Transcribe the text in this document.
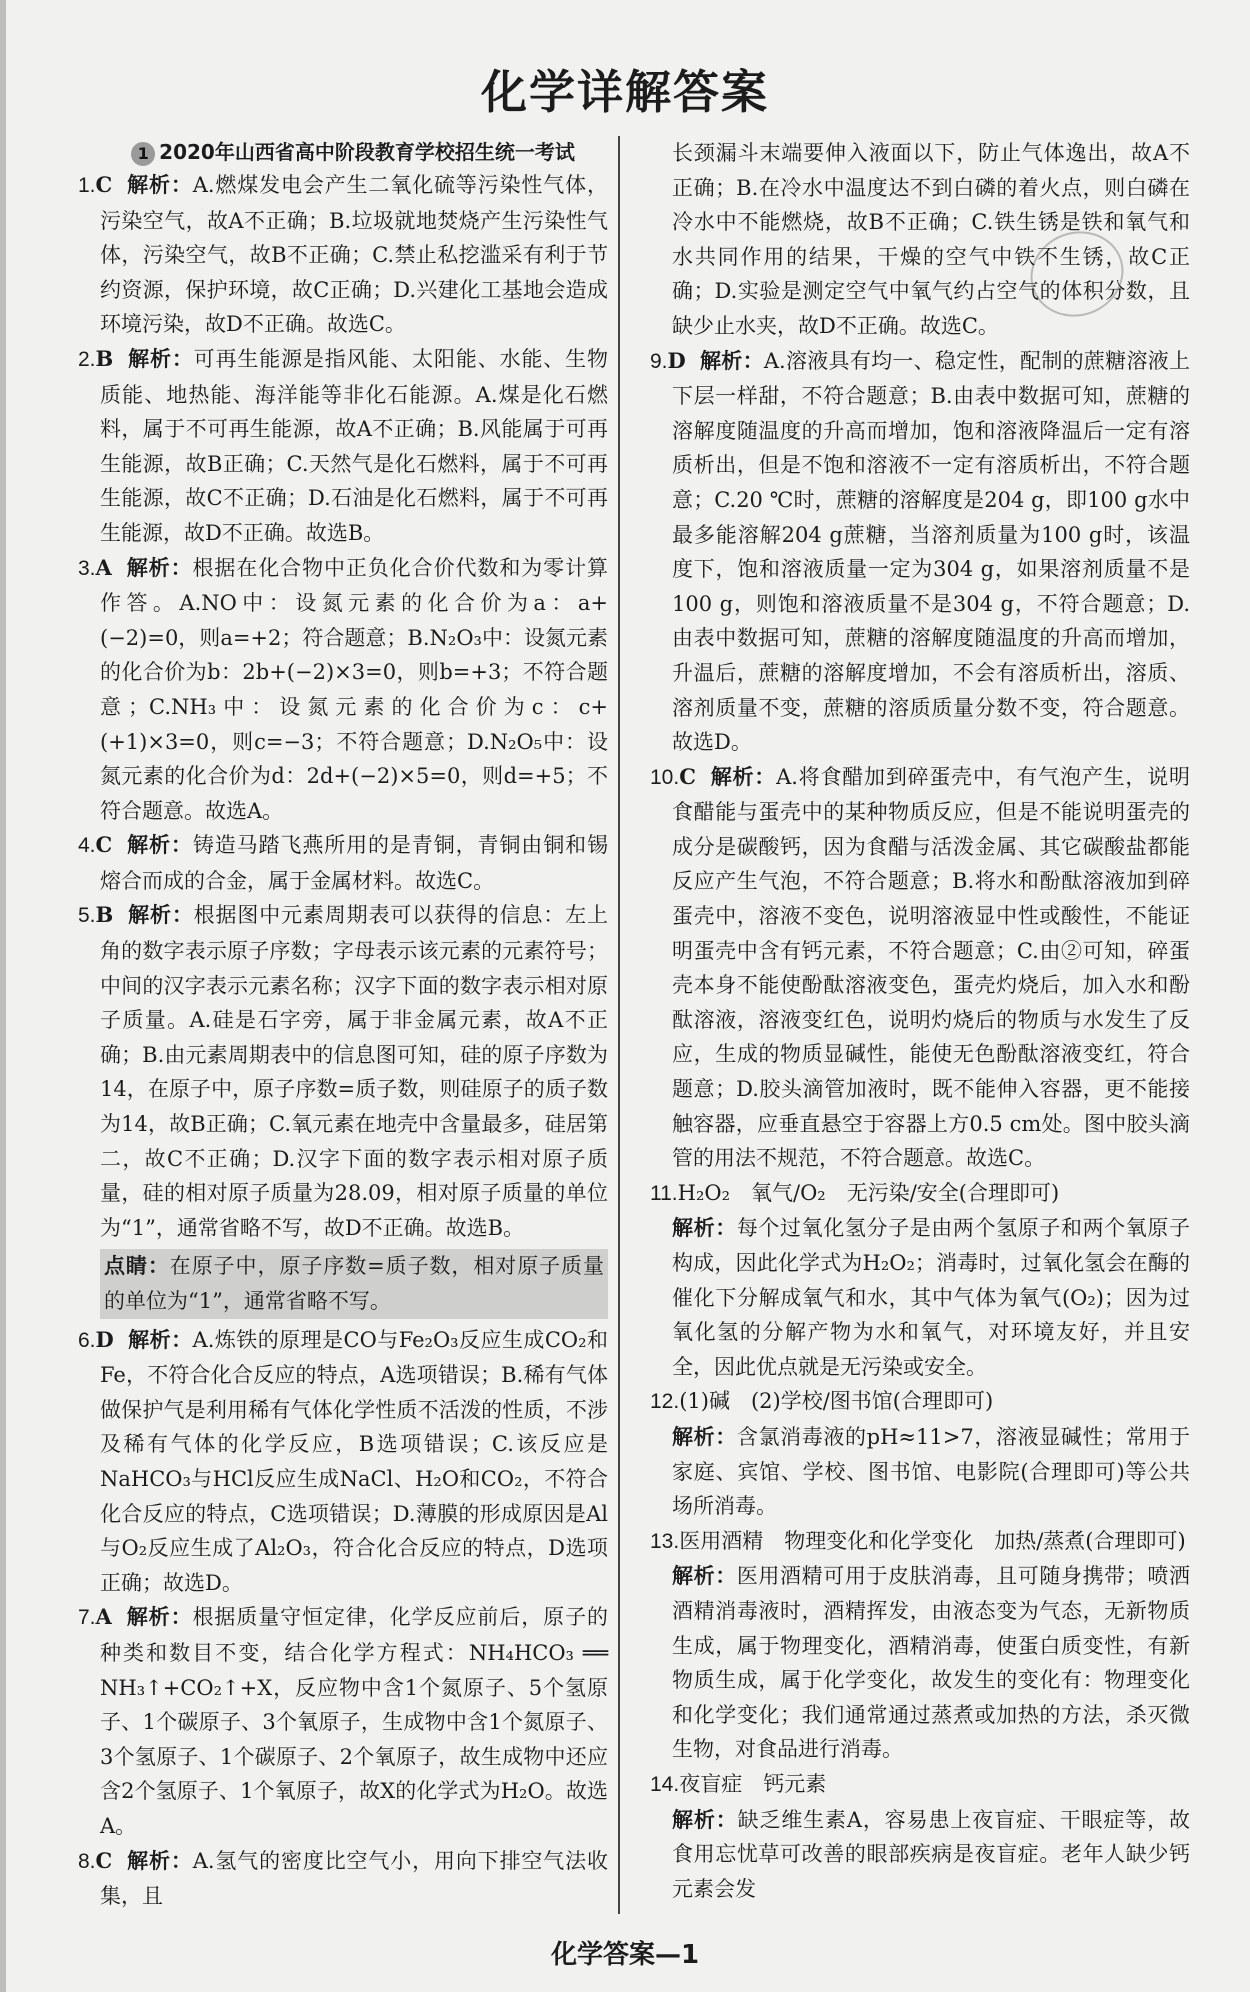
化学详解答案
1 2020年山西省高中阶段教育学校招生统一考试

1.C 解析：A.燃煤发电会产生二氧化硫等污染性气体，污染空气，故A不正确；B.垃圾就地焚烧产生污染性气体，污染空气，故B不正确；C.禁止私挖滥采有利于节约资源，保护环境，故C正确；D.兴建化工基地会造成环境污染，故D不正确。故选C。

2.B 解析：可再生能源是指风能、太阳能、水能、生物质能、地热能、海洋能等非化石能源。A.煤是化石燃料，属于不可再生能源，故A不正确；B.风能属于可再生能源，故B正确；C.天然气是化石燃料，属于不可再生能源，故C不正确；D.石油是化石燃料，属于不可再生能源，故D不正确。故选B。

3.A 解析：根据在化合物中正负化合价代数和为零计算作答。A.NO中：设氮元素的化合价为a：a+(−2)=0，则a=+2；符合题意；B.N₂O₃中：设氮元素的化合价为b：2b+(−2)×3=0，则b=+3；不符合题意；C.NH₃中：设氮元素的化合价为c：c+(+1)×3=0，则c=−3；不符合题意；D.N₂O₅中：设氮元素的化合价为d：2d+(−2)×5=0，则d=+5；不符合题意。故选A。

4.C 解析：铸造马踏飞燕所用的是青铜，青铜由铜和锡熔合而成的合金，属于金属材料。故选C。

5.B 解析：根据图中元素周期表可以获得的信息：左上角的数字表示原子序数；字母表示该元素的元素符号；中间的汉字表示元素名称；汉字下面的数字表示相对原子质量。A.硅是石字旁，属于非金属元素，故A不正确；B.由元素周期表中的信息图可知，硅的原子序数为14，在原子中，原子序数=质子数，则硅原子的质子数为14，故B正确；C.氧元素在地壳中含量最多，硅居第二，故C不正确；D.汉字下面的数字表示相对原子质量，硅的相对原子质量为28.09，相对原子质量的单位为“1”，通常省略不写，故D不正确。故选B。

点睛：在原子中，原子序数=质子数，相对原子质量的单位为“1”，通常省略不写。

6.D 解析：A.炼铁的原理是CO与Fe₂O₃反应生成CO₂和Fe，不符合化合反应的特点，A选项错误；B.稀有气体做保护气是利用稀有气体化学性质不活泼的性质，不涉及稀有气体的化学反应，B选项错误；C.该反应是NaHCO₃与HCl反应生成NaCl、H₂O和CO₂，不符合化合反应的特点，C选项错误；D.薄膜的形成原因是Al与O₂反应生成了Al₂O₃，符合化合反应的特点，D选项正确；故选D。

7.A 解析：根据质量守恒定律，化学反应前后，原子的种类和数目不变，结合化学方程式：NH₄HCO₃ ══ NH₃↑+CO₂↑+X，反应物中含1个氮原子、5个氢原子、1个碳原子、3个氧原子，生成物中含1个氮原子、3个氢原子、1个碳原子、2个氧原子，故生成物中还应含2个氢原子、1个氧原子，故X的化学式为H₂O。故选A。

8.C 解析：A.氢气的密度比空气小，用向下排空气法收集，且

长颈漏斗末端要伸入液面以下，防止气体逸出，故A不正确；B.在冷水中温度达不到白磷的着火点，则白磷在冷水中不能燃烧，故B不正确；C.铁生锈是铁和氧气和水共同作用的结果，干燥的空气中铁不生锈，故C正确；D.实验是测定空气中氧气约占空气的体积分数，且缺少止水夹，故D不正确。故选C。

9.D 解析：A.溶液具有均一、稳定性，配制的蔗糖溶液上下层一样甜，不符合题意；B.由表中数据可知，蔗糖的溶解度随温度的升高而增加，饱和溶液降温后一定有溶质析出，但是不饱和溶液不一定有溶质析出，不符合题意；C.20 ℃时，蔗糖的溶解度是204 g，即100 g水中最多能溶解204 g蔗糖，当溶剂质量为100 g时，该温度下，饱和溶液质量一定为304 g，如果溶剂质量不是100 g，则饱和溶液质量不是304 g，不符合题意；D.由表中数据可知，蔗糖的溶解度随温度的升高而增加，升温后，蔗糖的溶解度增加，不会有溶质析出，溶质、溶剂质量不变，蔗糖的溶质质量分数不变，符合题意。故选D。

10.C 解析：A.将食醋加到碎蛋壳中，有气泡产生，说明食醋能与蛋壳中的某种物质反应，但是不能说明蛋壳的成分是碳酸钙，因为食醋与活泼金属、其它碳酸盐都能反应产生气泡，不符合题意；B.将水和酚酞溶液加到碎蛋壳中，溶液不变色，说明溶液显中性或酸性，不能证明蛋壳中含有钙元素，不符合题意；C.由②可知，碎蛋壳本身不能使酚酞溶液变色，蛋壳灼烧后，加入水和酚酞溶液，溶液变红色，说明灼烧后的物质与水发生了反应，生成的物质显碱性，能使无色酚酞溶液变红，符合题意；D.胶头滴管加液时，既不能伸入容器，更不能接触容器，应垂直悬空于容器上方0.5 cm处。图中胶头滴管的用法不规范，不符合题意。故选C。

11.H₂O₂　氧气/O₂　无污染/安全(合理即可)

解析：每个过氧化氢分子是由两个氢原子和两个氧原子构成，因此化学式为H₂O₂；消毒时，过氧化氢会在酶的催化下分解成氧气和水，其中气体为氧气(O₂)；因为过氧化氢的分解产物为水和氧气，对环境友好，并且安全，因此优点就是无污染或安全。

12.(1)碱　(2)学校/图书馆(合理即可)

解析：含氯消毒液的pH≈11>7，溶液显碱性；常用于家庭、宾馆、学校、图书馆、电影院(合理即可)等公共场所消毒。

13.医用酒精　物理变化和化学变化　加热/蒸煮(合理即可)

解析：医用酒精可用于皮肤消毒，且可随身携带；喷洒酒精消毒液时，酒精挥发，由液态变为气态，无新物质生成，属于物理变化，酒精消毒，使蛋白质变性，有新物质生成，属于化学变化，故发生的变化有：物理变化和化学变化；我们通常通过蒸煮或加热的方法，杀灭微生物，对食品进行消毒。

14.夜盲症　钙元素

解析：缺乏维生素A，容易患上夜盲症、干眼症等，故食用忘忧草可改善的眼部疾病是夜盲症。老年人缺少钙元素会发

化学答案—1
